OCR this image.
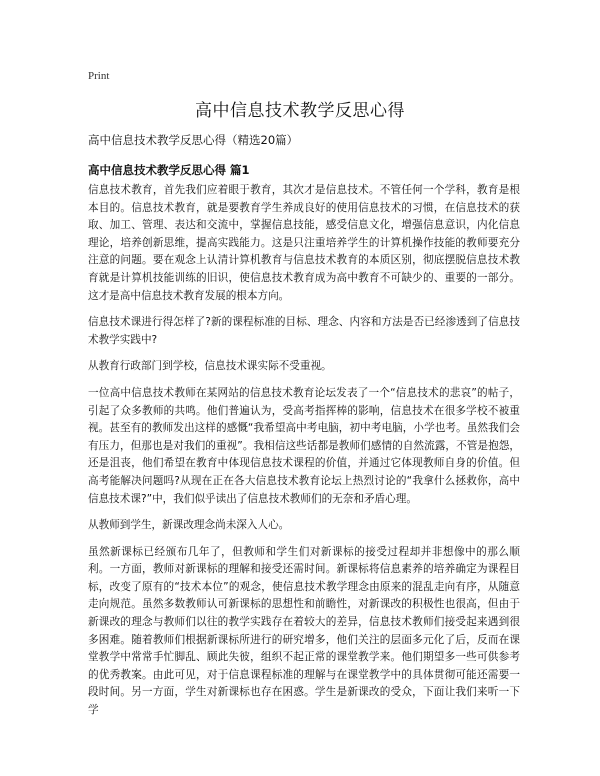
Print
高中信息技术教学反思心得
高中信息技术教学反思心得（精选20篇）
高中信息技术教学反思心得 篇1

信息技术教育，首先我们应着眼于教育，其次才是信息技术。不管任何一个学科，教育是根本目的。信息技术教育，就是要教育学生养成良好的使用信息技术的习惯，在信息技术的获取、加工、管理、表达和交流中，掌握信息技能，感受信息文化，增强信息意识，内化信息理论，培养创新思维，提高实践能力。这是只注重培养学生的计算机操作技能的教师要充分注意的问题。要在观念上认清计算机教育与信息技术教育的本质区别，彻底摆脱信息技术教育就是计算机技能训练的旧识，使信息技术教育成为高中教育不可缺少的、重要的一部分。这才是高中信息技术教育发展的根本方向。

信息技术课进行得怎样了?新的课程标准的目标、理念、内容和方法是否已经渗透到了信息技术教学实践中?

从教育行政部门到学校，信息技术课实际不受重视。

一位高中信息技术教师在某网站的信息技术教育论坛发表了一个“信息技术的悲哀”的帖子，引起了众多教师的共鸣。他们普遍认为，受高考指挥棒的影响，信息技术在很多学校不被重视。甚至有的教师发出这样的感慨“我希望高中考电脑，初中考电脑，小学也考。虽然我们会有压力，但那也是对我们的重视”。我相信这些话都是教师们感情的自然流露，不管是抱怨，还是沮丧，他们希望在教育中体现信息技术课程的价值，并通过它体现教师自身的价值。但高考能解决问题吗?从现在正在各大信息技术教育论坛上热烈讨论的“我拿什么拯救你，高中信息技术课?”中，我们似乎读出了信息技术教师们的无奈和矛盾心理。

从教师到学生，新课改理念尚未深入人心。

虽然新课标已经颁布几年了，但教师和学生们对新课标的接受过程却并非想像中的那么顺利。一方面，教师对新课标的理解和接受还需时间。新课标将信息素养的培养确定为课程目标，改变了原有的“技术本位”的观念，使信息技术教学理念由原来的混乱走向有序，从随意走向规范。虽然多数教师认可新课标的思想性和前瞻性，对新课改的积极性也很高，但由于新课改的理念与教师们以往的教学实践存在着较大的差异，信息技术教师们接受起来遇到很多困难。随着教师们根据新课标所进行的研究增多，他们关注的层面多元化了后，反而在课堂教学中常常手忙脚乱、顾此失彼，组织不起正常的课堂教学来。他们期望多一些可供参考的优秀教案。由此可见，对于信息课程标准的理解与在课堂教学中的具体贯彻可能还需要一段时间。另一方面，学生对新课标也存在困惑。学生是新课改的受众，下面让我们来听一下学
